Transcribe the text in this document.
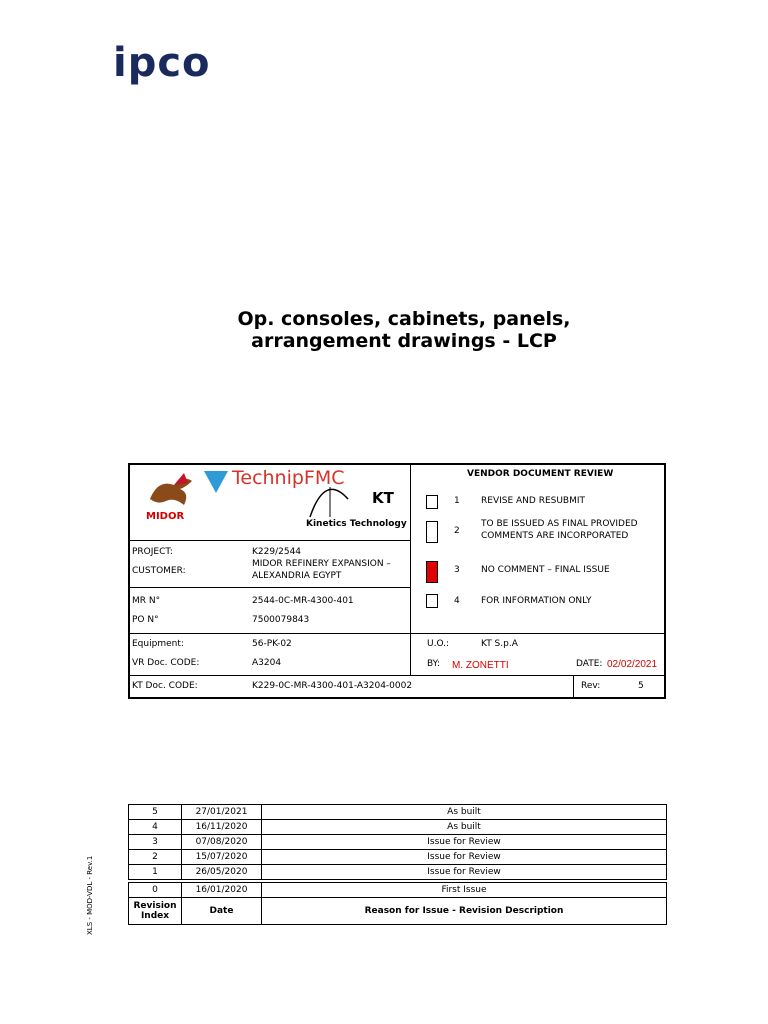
ipco
Op. consoles, cabinets, panels,
arrangement drawings - LCP
MIDOR
TechnipFMC
KT
Kinetics Technology
VENDOR DOCUMENT REVIEW
1 REVISE AND RESUBMIT
2
TO BE ISSUED AS FINAL PROVIDED
COMMENTS ARE INCORPORATED
3 NO COMMENT – FINAL ISSUE
4 FOR INFORMATION ONLY
PROJECT:	K229/2544
CUSTOMER:
MIDOR REFINERY EXPANSION –
ALEXANDRIA EGYPT
MR N°	2544-0C-MR-4300-401
PO N°	7500079843
Equipment:	56-PK-02
VR Doc. CODE:	A3204
U.O.:	KT S.p.A
BY: M. ZONETTI	DATE: 02/02/2021
KT Doc. CODE:	K229-0C-MR-4300-401-A3204-0002	Rev:	5
5	27/01/2021	As built
4	16/11/2020	As built
3	07/08/2020	Issue for Review
2	15/07/2020	Issue for Review
1	26/05/2020	Issue for Review

0	16/01/2020	First Issue
Revision Index	Date	Reason for Issue - Revision Description
XLS - MOD-VDL - Rev.1
